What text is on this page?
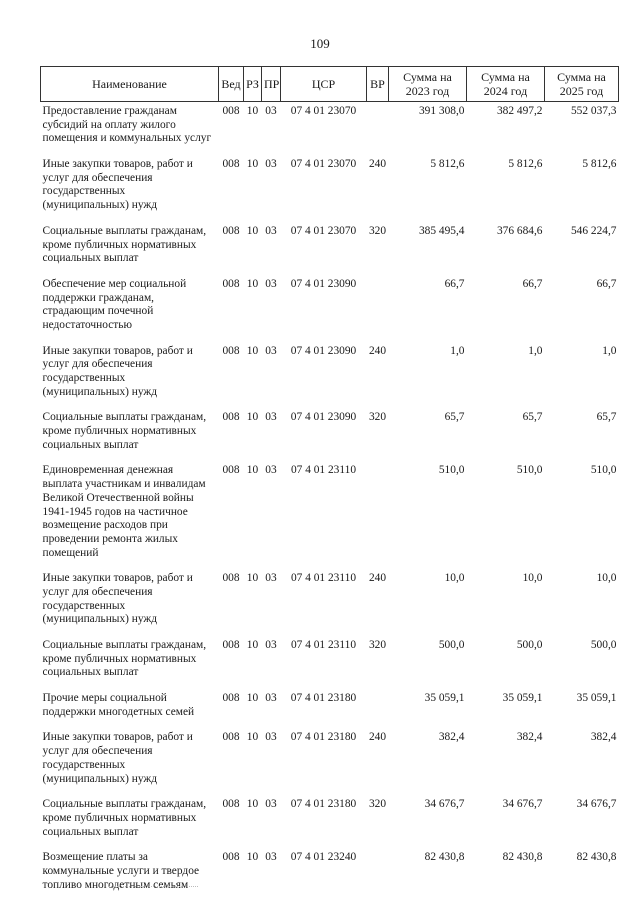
109
Наименование	Вед	РЗ	ПР	ЦСР	ВР	Сумма на 2023 год	Сумма на 2024 год	Сумма на 2025 год
Предоставление гражданам субсидий на оплату жилого помещения и коммунальных услуг	008	10	03	07 4 01 23070		391 308,0	382 497,2	552 037,3
Иные закупки товаров, работ и услуг для обеспечения государственных (муниципальных) нужд	008	10	03	07 4 01 23070	240	5 812,6	5 812,6	5 812,6
Социальные выплаты гражданам, кроме публичных нормативных социальных выплат	008	10	03	07 4 01 23070	320	385 495,4	376 684,6	546 224,7
Обеспечение мер социальной поддержки гражданам, страдающим почечной недостаточностью	008	10	03	07 4 01 23090		66,7	66,7	66,7
Иные закупки товаров, работ и услуг для обеспечения государственных (муниципальных) нужд	008	10	03	07 4 01 23090	240	1,0	1,0	1,0
Социальные выплаты гражданам, кроме публичных нормативных социальных выплат	008	10	03	07 4 01 23090	320	65,7	65,7	65,7
Единовременная денежная выплата участникам и инвалидам Великой Отечественной войны 1941-1945 годов на частичное возмещение расходов при проведении ремонта жилых помещений	008	10	03	07 4 01 23110		510,0	510,0	510,0
Иные закупки товаров, работ и услуг для обеспечения государственных (муниципальных) нужд	008	10	03	07 4 01 23110	240	10,0	10,0	10,0
Социальные выплаты гражданам, кроме публичных нормативных социальных выплат	008	10	03	07 4 01 23110	320	500,0	500,0	500,0
Прочие меры социальной поддержки многодетных семей	008	10	03	07 4 01 23180		35 059,1	35 059,1	35 059,1
Иные закупки товаров, работ и услуг для обеспечения государственных (муниципальных) нужд	008	10	03	07 4 01 23180	240	382,4	382,4	382,4
Социальные выплаты гражданам, кроме публичных нормативных социальных выплат	008	10	03	07 4 01 23180	320	34 676,7	34 676,7	34 676,7
Возмещение платы за коммунальные услуги и твердое топливо многодетным семьям	008	10	03	07 4 01 23240		82 430,8	82 430,8	82 430,8
